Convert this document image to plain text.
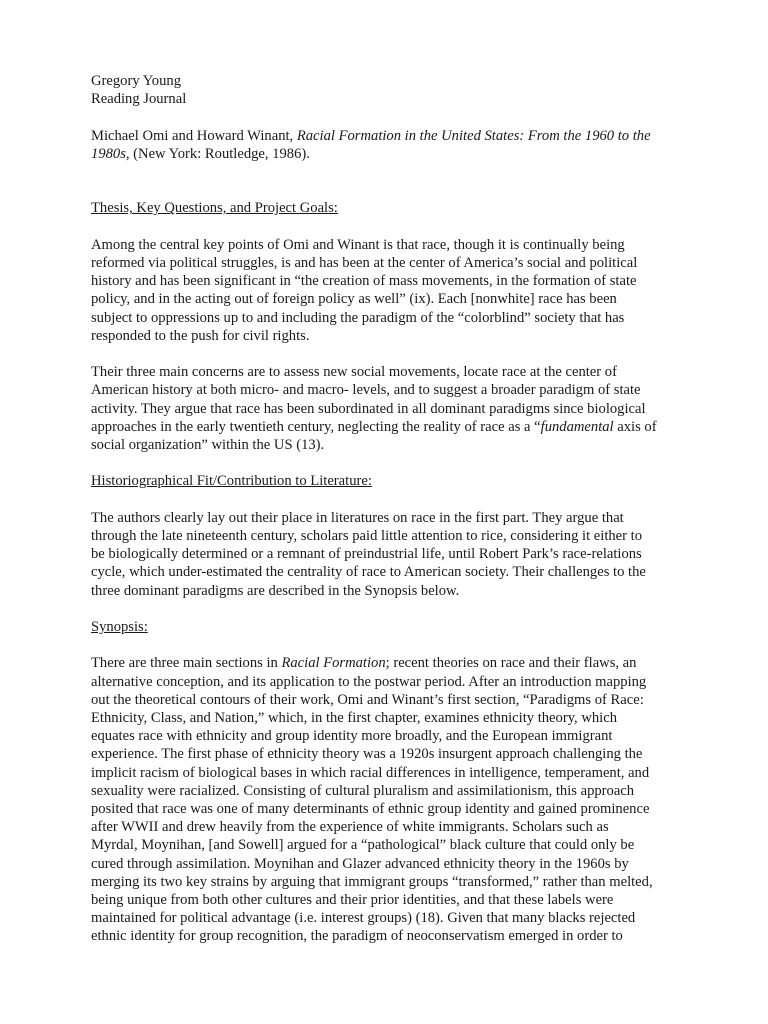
Gregory Young
Reading Journal
Michael Omi and Howard Winant, Racial Formation in the United States: From the 1960 to the
1980s, (New York: Routledge, 1986).
Thesis, Key Questions, and Project Goals:
Among the central key points of Omi and Winant is that race, though it is continually being
reformed via political struggles, is and has been at the center of America’s social and political
history and has been significant in “the creation of mass movements, in the formation of state
policy, and in the acting out of foreign policy as well” (ix). Each [nonwhite] race has been
subject to oppressions up to and including the paradigm of the “colorblind” society that has
responded to the push for civil rights.
Their three main concerns are to assess new social movements, locate race at the center of
American history at both micro- and macro- levels, and to suggest a broader paradigm of state
activity. They argue that race has been subordinated in all dominant paradigms since biological
approaches in the early twentieth century, neglecting the reality of race as a “fundamental axis of
social organization” within the US (13).
Historiographical Fit/Contribution to Literature:
The authors clearly lay out their place in literatures on race in the first part. They argue that
through the late nineteenth century, scholars paid little attention to rice, considering it either to
be biologically determined or a remnant of preindustrial life, until Robert Park’s race-relations
cycle, which under-estimated the centrality of race to American society. Their challenges to the
three dominant paradigms are described in the Synopsis below.
Synopsis:
There are three main sections in Racial Formation; recent theories on race and their flaws, an
alternative conception, and its application to the postwar period. After an introduction mapping
out the theoretical contours of their work, Omi and Winant’s first section, “Paradigms of Race:
Ethnicity, Class, and Nation,” which, in the first chapter, examines ethnicity theory, which
equates race with ethnicity and group identity more broadly, and the European immigrant
experience. The first phase of ethnicity theory was a 1920s insurgent approach challenging the
implicit racism of biological bases in which racial differences in intelligence, temperament, and
sexuality were racialized. Consisting of cultural pluralism and assimilationism, this approach
posited that race was one of many determinants of ethnic group identity and gained prominence
after WWII and drew heavily from the experience of white immigrants. Scholars such as
Myrdal, Moynihan, [and Sowell] argued for a “pathological” black culture that could only be
cured through assimilation. Moynihan and Glazer advanced ethnicity theory in the 1960s by
merging its two key strains by arguing that immigrant groups “transformed,” rather than melted,
being unique from both other cultures and their prior identities, and that these labels were
maintained for political advantage (i.e. interest groups) (18). Given that many blacks rejected
ethnic identity for group recognition, the paradigm of neoconservatism emerged in order to
